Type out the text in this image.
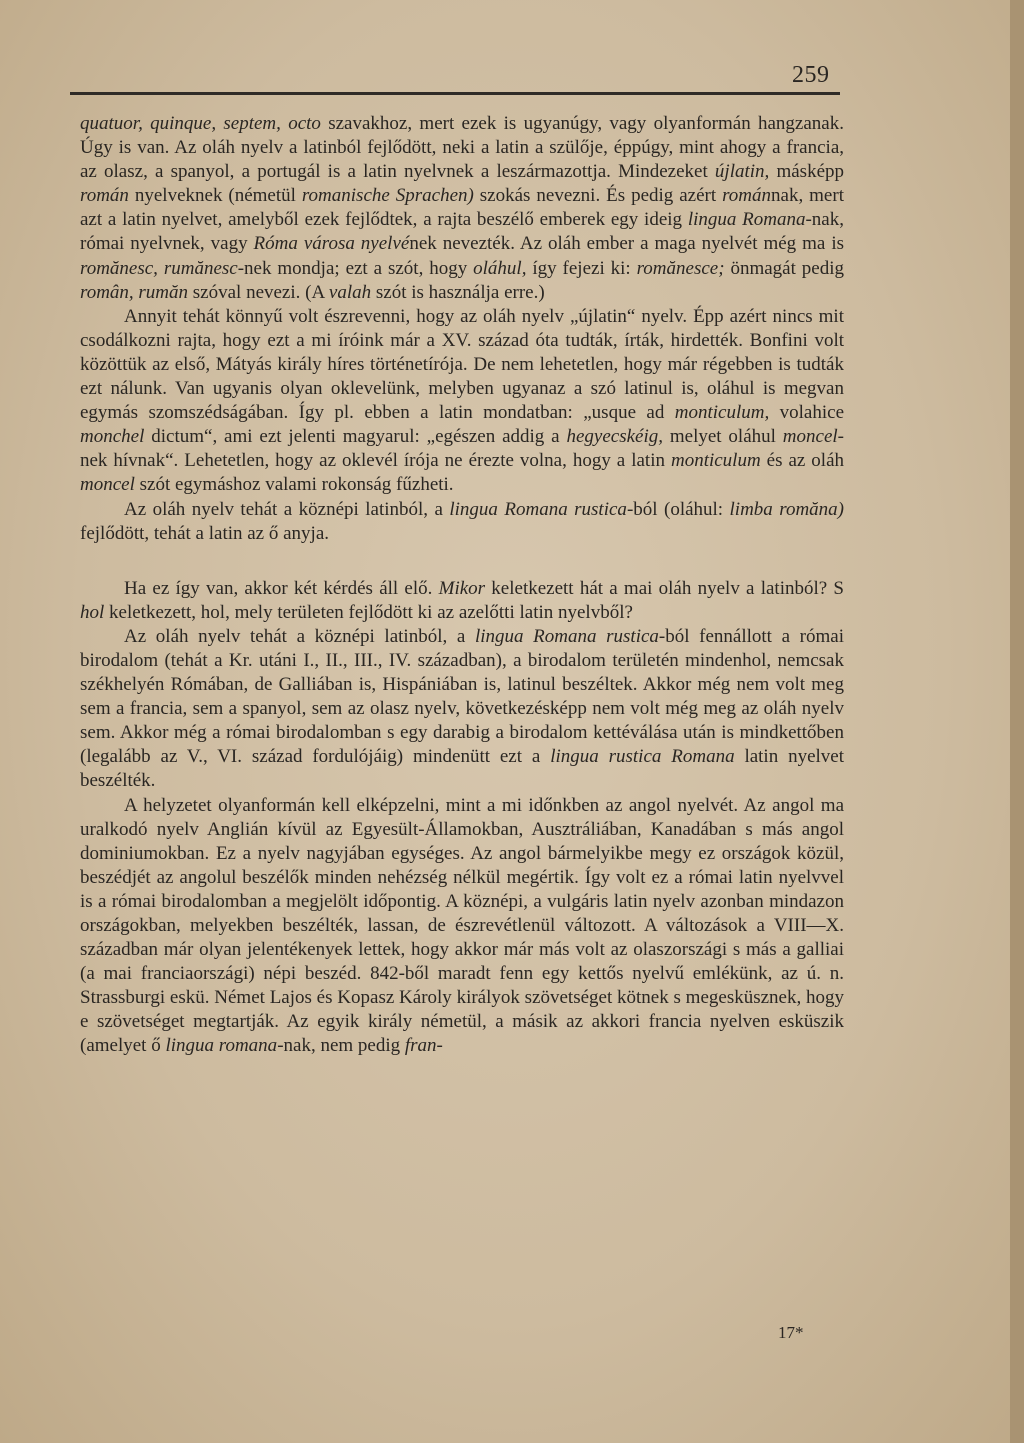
259

quatuor, quinque, septem, octo szavakhoz, mert ezek is ugyanúgy, vagy olyanformán hangzanak. Úgy is van. Az oláh nyelv a latinból fejlődött, neki a latin a szülője, éppúgy, mint ahogy a francia, az olasz, a spanyol, a portugál is a latin nyelvnek a leszármazottja. Mindezeket újlatin, másképp román nyelveknek (németül romanische Sprachen) szokás nevezni. És pedig azért románnak, mert azt a latin nyelvet, amelyből ezek fejlődtek, a rajta beszélő emberek egy ideig lingua Romana-nak, római nyelvnek, vagy Róma városa nyelvének nevezték. Az oláh ember a maga nyelvét még ma is romănesc, rumănesc-nek mondja; ezt a szót, hogy oláhul, így fejezi ki: romănesce; önmagát pedig român, rumăn szóval nevezi. (A valah szót is használja erre.)

Annyit tehát könnyű volt észrevenni, hogy az oláh nyelv „újlatin“ nyelv. Épp azért nincs mit csodálkozni rajta, hogy ezt a mi íróink már a XV. század óta tudták, írták, hirdették. Bonfini volt közöttük az első, Mátyás király híres történetírója. De nem lehetetlen, hogy már régebben is tudták ezt nálunk. Van ugyanis olyan oklevelünk, melyben ugyanaz a szó latinul is, oláhul is megvan egymás szomszédságában. Így pl. ebben a latin mondatban: „usque ad monticulum, volahice monchel dictum“, ami ezt jelenti magyarul: „egészen addig a hegyecskéig, melyet oláhul moncel-nek hívnak“. Lehetetlen, hogy az oklevél írója ne érezte volna, hogy a latin monticulum és az oláh moncel szót egymáshoz valami rokonság fűzheti.

Az oláh nyelv tehát a köznépi latinból, a lingua Romana rustica-ból (oláhul: limba romăna) fejlődött, tehát a latin az ő anyja.

Ha ez így van, akkor két kérdés áll elő. Mikor keletkezett hát a mai oláh nyelv a latinból? S hol keletkezett, hol, mely területen fejlődött ki az azelőtti latin nyelvből?

Az oláh nyelv tehát a köznépi latinból, a lingua Romana rustica-ból fennállott a római birodalom (tehát a Kr. utáni I., II., III., IV. században), a birodalom területén mindenhol, nemcsak székhelyén Rómában, de Galliában is, Hispániában is, latinul beszéltek. Akkor még nem volt meg sem a francia, sem a spanyol, sem az olasz nyelv, következésképp nem volt még meg az oláh nyelv sem. Akkor még a római birodalomban s egy darabig a birodalom kettéválása után is mindkettőben (legalább az V., VI. század fordulójáig) mindenütt ezt a lingua rustica Romana latin nyelvet beszélték.

A helyzetet olyanformán kell elképzelni, mint a mi időnkben az angol nyelvét. Az angol ma uralkodó nyelv Anglián kívül az Egyesült-Államokban, Ausztráliában, Kanadában s más angol dominiumokban. Ez a nyelv nagyjában egységes. Az angol bármelyikbe megy ez országok közül, beszédjét az angolul beszélők minden nehézség nélkül megértik. Így volt ez a római latin nyelvvel is a római birodalomban a megjelölt időpontig. A köznépi, a vulgáris latin nyelv azonban mindazon országokban, melyekben beszélték, lassan, de észrevétlenül változott. A változások a VIII—X. században már olyan jelentékenyek lettek, hogy akkor már más volt az olaszországi s más a galliai (a mai franciaországi) népi beszéd. 842-ből maradt fenn egy kettős nyelvű emlékünk, az ú. n. Strassburgi eskü. Német Lajos és Kopasz Károly királyok szövetséget kötnek s megesküsznek, hogy e szövetséget megtartják. Az egyik király németül, a másik az akkori francia nyelven esküszik (amelyet ő lingua romana-nak, nem pedig fran-

17*
